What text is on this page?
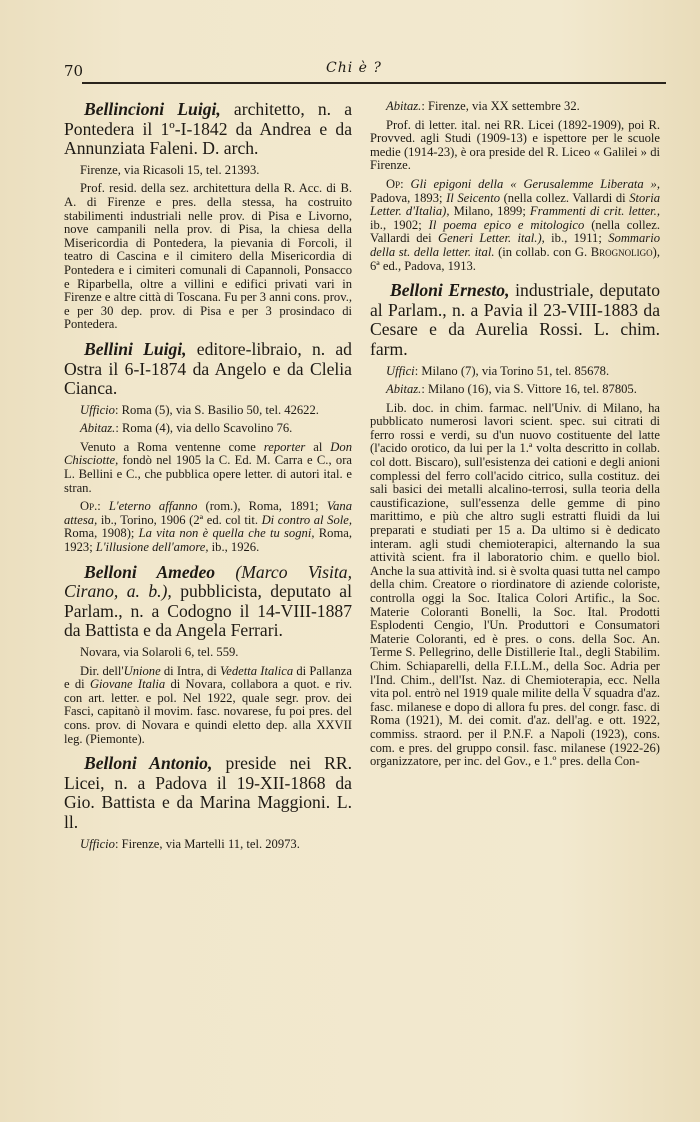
70	Chi è ?

Bellincioni Luigi, architetto, n. a Pontedera il 1º-I-1842 da Andrea e da Annunziata Faleni. D. arch.

Firenze, via Ricasoli 15, tel. 21393.

Prof. resid. della sez. architettura della R. Acc. di B. A. di Firenze e pres. della stessa, ha costruito stabilimenti industriali nelle prov. di Pisa e Livorno, nove campanili nella prov. di Pisa, la chiesa della Misericordia di Pontedera, la pievania di Forcoli, il teatro di Cascina e il cimitero della Misericordia di Pontedera e i cimiteri comunali di Capannoli, Ponsacco e Riparbella, oltre a villini e edifici privati vari in Firenze e altre città di Toscana. Fu per 3 anni cons. prov., e per 30 dep. prov. di Pisa e per 3 prosindaco di Pontedera.

Bellini Luigi, editore-libraio, n. ad Ostra il 6-I-1874 da Angelo e da Clelia Cianca.

Ufficio: Roma (5), via S. Basilio 50, tel. 42622.

Abitaz.: Roma (4), via dello Scavolino 76.

Venuto a Roma ventenne come reporter al Don Chisciotte, fondò nel 1905 la C. Ed. M. Carra e C., ora L. Bellini e C., che pubblica opere letter. di autori ital. e stran.

Op.: L'eterno affanno (rom.), Roma, 1891; Vana attesa, ib., Torino, 1906 (2ª ed. col tit. Di contro al Sole, Roma, 1908); La vita non è quella che tu sogni, Roma, 1923; L'illusione dell'amore, ib., 1926.

Belloni Amedeo (Marco Visita, Cirano, a. b.), pubblicista, deputato al Parlam., n. a Codogno il 14-VIII-1887 da Battista e da Angela Ferrari.

Novara, via Solaroli 6, tel. 559.

Dir. dell'Unione di Intra, di Vedetta Italica di Pallanza e di Giovane Italia di Novara, collabora a quot. e riv. con art. letter. e pol. Nel 1922, quale segr. prov. dei Fasci, capitanò il movim. fasc. novarese, fu poi pres. del cons. prov. di Novara e quindi eletto dep. alla XXVII leg. (Piemonte).

Belloni Antonio, preside nei RR. Licei, n. a Padova il 19-XII-1868 da Gio. Battista e da Marina Maggioni. L. ll.

Ufficio: Firenze, via Martelli 11, tel. 20973.

Abitaz.: Firenze, via XX settembre 32.

Prof. di letter. ital. nei RR. Licei (1892-1909), poi R. Provved. agli Studi (1909-13) e ispettore per le scuole medie (1914-23), è ora preside del R. Liceo « Galilei » di Firenze.

Op: Gli epigoni della « Gerusalemme Liberata », Padova, 1893; Il Seicento (nella collez. Vallardi di Storia Letter. d'Italia), Milano, 1899; Frammenti di crit. letter., ib., 1902; Il poema epico e mitologico (nella collez. Vallardi dei Generi Letter. ital.), ib., 1911; Sommario della st. della letter. ital. (in collab. con G. Brognoligo), 6ª ed., Padova, 1913.

Belloni Ernesto, industriale, deputato al Parlam., n. a Pavia il 23-VIII-1883 da Cesare e da Aurelia Rossi. L. chim. farm.

Uffici: Milano (7), via Torino 51, tel. 85678.

Abitaz.: Milano (16), via S. Vittore 16, tel. 87805.

Lib. doc. in chim. farmac. nell'Univ. di Milano, ha pubblicato numerosi lavori scient. spec. sui citrati di ferro rossi e verdi, su d'un nuovo costituente del latte (l'acido orotico, da lui per la 1.ª volta descritto in collab. col dott. Biscaro), sull'esistenza dei cationi e degli anioni complessi del ferro coll'acido citrico, sulla costituz. dei sali basici dei metalli alcalino-terrosi, sulla teoria della caustificazione, sull'essenza delle gemme di pino marittimo, e più che altro sugli estratti fluidi da lui preparati e studiati per 15 a. Da ultimo si è dedicato interam. agli studi chemioterapici, alternando la sua attività scient. fra il laboratorio chim. e quello biol. Anche la sua attività ind. si è svolta quasi tutta nel campo della chim. Creatore o riordinatore di aziende coloriste, controlla oggi la Soc. Italica Colori Artific., la Soc. Materie Coloranti Bonelli, la Soc. Ital. Prodotti Esplodenti Cengio, l'Un. Produttori e Consumatori Materie Coloranti, ed è pres. o cons. della Soc. An. Terme S. Pellegrino, delle Distillerie Ital., degli Stabilim. Chim. Schiaparelli, della F.I.L.M., della Soc. Adria per l'Ind. Chim., dell'Ist. Naz. di Chemioterapia, ecc. Nella vita pol. entrò nel 1919 quale milite della V squadra d'az. fasc. milanese e dopo di allora fu pres. del congr. fasc. di Roma (1921), M. dei comit. d'az. dell'ag. e ott. 1922, commiss. straord. per il P.N.F. a Napoli (1923), cons. com. e pres. del gruppo consil. fasc. milanese (1922-26) organizzatore, per inc. del Gov., e 1.º pres. della Con-
